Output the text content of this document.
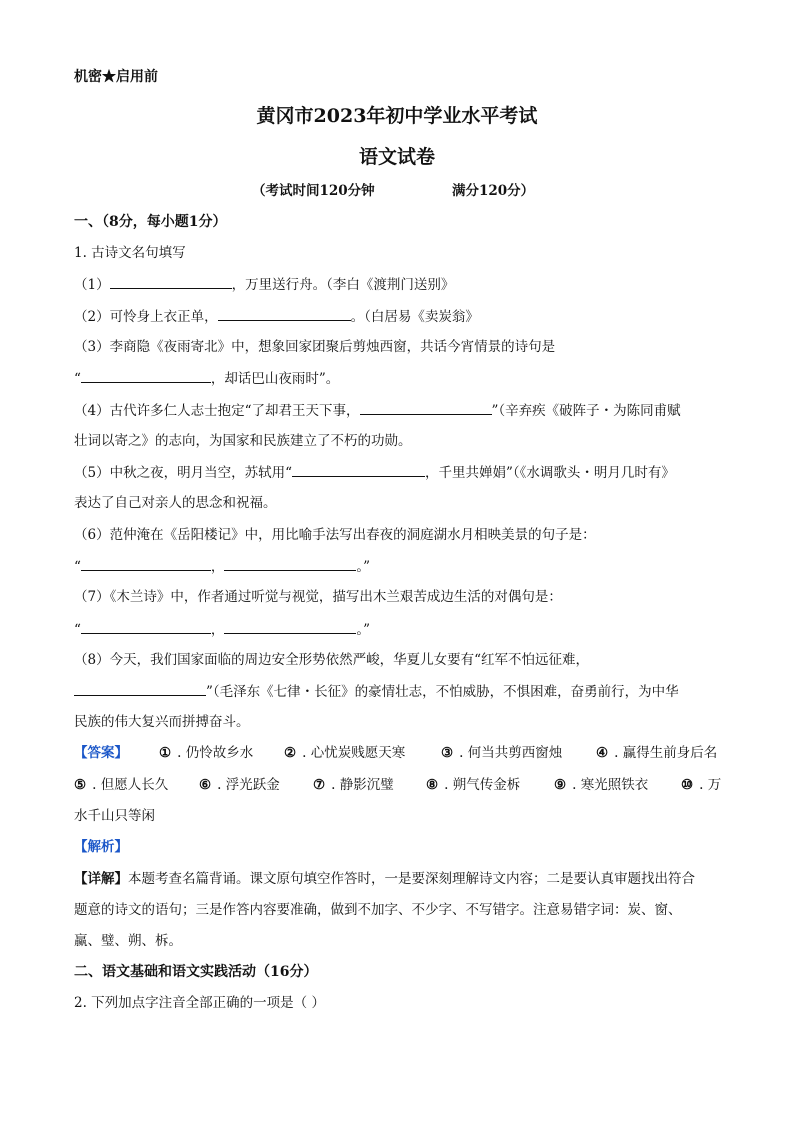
机密★启用前
黄冈市2023年初中学业水平考试
语文试卷
（考试时间120分钟	满分120分）
一、（8分，每小题1分）
1. 古诗文名句填写
（1）	，万里送行舟。（李白《渡荆门送别》
（2）可怜身上衣正单，	。（白居易《卖炭翁》
（3）李商隐《夜雨寄北》中，想象回家团聚后剪烛西窗，共话今宵情景的诗句是
“	，却话巴山夜雨时”。
（4）古代许多仁人志士抱定“了却君王天下事，	”（辛弃疾《破阵子・为陈同甫赋
壮词以寄之》的志向，为国家和民族建立了不朽的功勋。
（5）中秋之夜，明月当空，苏轼用“	，千里共婵娟”（《水调歌头・明月几时有》
表达了自己对亲人的思念和祝福。
（6）范仲淹在《岳阳楼记》中，用比喻手法写出春夜的洞庭湖水月相映美景的句子是：
“	，	。”
（7）《木兰诗》中，作者通过听觉与视觉，描写出木兰艰苦成边生活的对偶句是：
“	，	。”
（8）今天，我们国家面临的周边安全形势依然严峻，华夏儿女要有“红军不怕远征难，
”（毛泽东《七律・长征》的豪情壮志，不怕威胁，不惧困难，奋勇前行，为中华
民族的伟大复兴而拼搏奋斗。
【答案】 ① . 仍怜故乡水 ② . 心忧炭贱愿天寒	③ . 何当共剪西窗烛	④ . 赢得生前身后名
⑤ . 但愿人长久 ⑥ . 浮光跃金 ⑦ . 静影沉璧 ⑧ . 朔气传金柝	⑨ . 寒光照铁衣 ⑩ . 万
水千山只等闲
【解析】
【详解】本题考查名篇背诵。课文原句填空作答时，一是要深刻理解诗文内容；二是要认真审题找出符合
题意的诗文的语句；三是作答内容要准确，做到不加字、不少字、不写错字。注意易错字词：炭、窗、
赢、璧、朔、柝。
二、语文基础和语文实践活动（16分）
2. 下列加点字注音全部正确的一项是（ ）
